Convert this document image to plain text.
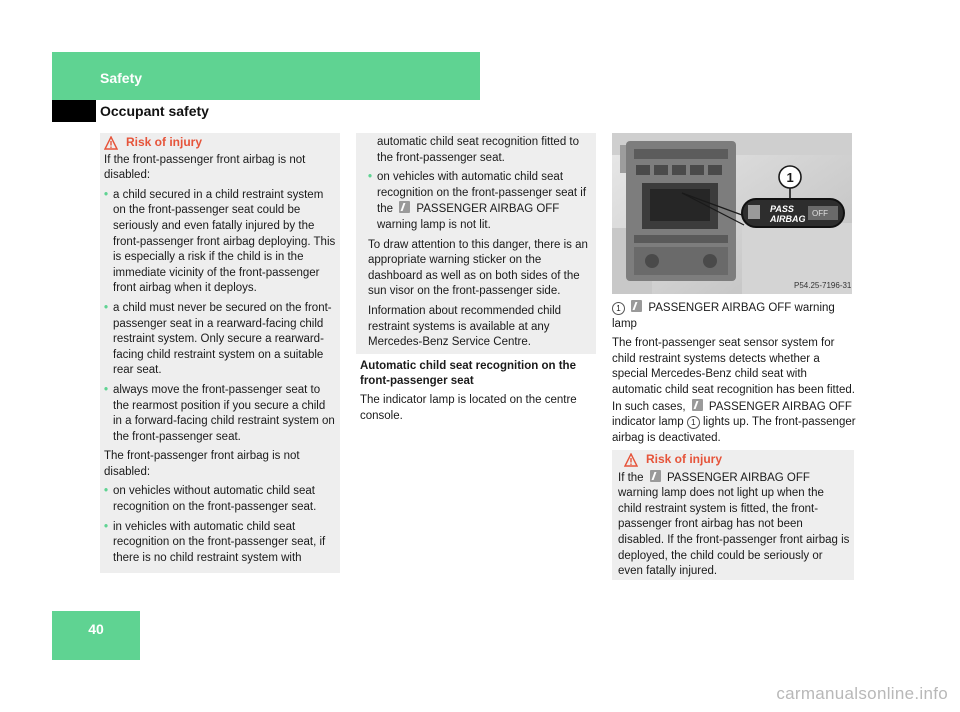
Safety
Occupant safety
Risk of injury

If the front-passenger front airbag is not disabled:

• a child secured in a child restraint system on the front-passenger seat could be seriously and even fatally injured by the front-passenger front airbag deploying. This is especially a risk if the child is in the immediate vicinity of the front-passenger front airbag when it deploys.
• a child must never be secured on the front-passenger seat in a rearward-facing child restraint system. Only secure a rearward-facing child restraint system on a suitable rear seat.
• always move the front-passenger seat to the rearmost position if you secure a child in a forward-facing child restraint system on the front-passenger seat.

The front-passenger front airbag is not disabled:

• on vehicles without automatic child seat recognition on the front-passenger seat.
• in vehicles with automatic child seat recognition on the front-passenger seat, if there is no child restraint system with

automatic child seat recognition fitted to the front-passenger seat.

• on vehicles with automatic child seat recognition on the front-passenger seat if the PASSENGER AIRBAG OFF warning lamp is not lit.

To draw attention to this danger, there is an appropriate warning sticker on the dashboard as well as on both sides of the sun visor on the front-passenger side.

Information about recommended child restraint systems is available at any Mercedes-Benz Service Centre.

Automatic child seat recognition on the front-passenger seat

The indicator lamp is located on the centre console.

PASS
AIRBAG
OFF
1
P54.25-7196-31

1 PASSENGER AIRBAG OFF warning lamp

The front-passenger seat sensor system for child restraint systems detects whether a special Mercedes-Benz child seat with automatic child seat recognition has been fitted. In such cases, PASSENGER AIRBAG OFF indicator lamp 1 lights up. The front-passenger airbag is deactivated.

Risk of injury

If the PASSENGER AIRBAG OFF warning lamp does not light up when the child restraint system is fitted, the front-passenger front airbag has not been disabled. If the front-passenger front airbag is deployed, the child could be seriously or even fatally injured.

40
carmanualsonline.info
